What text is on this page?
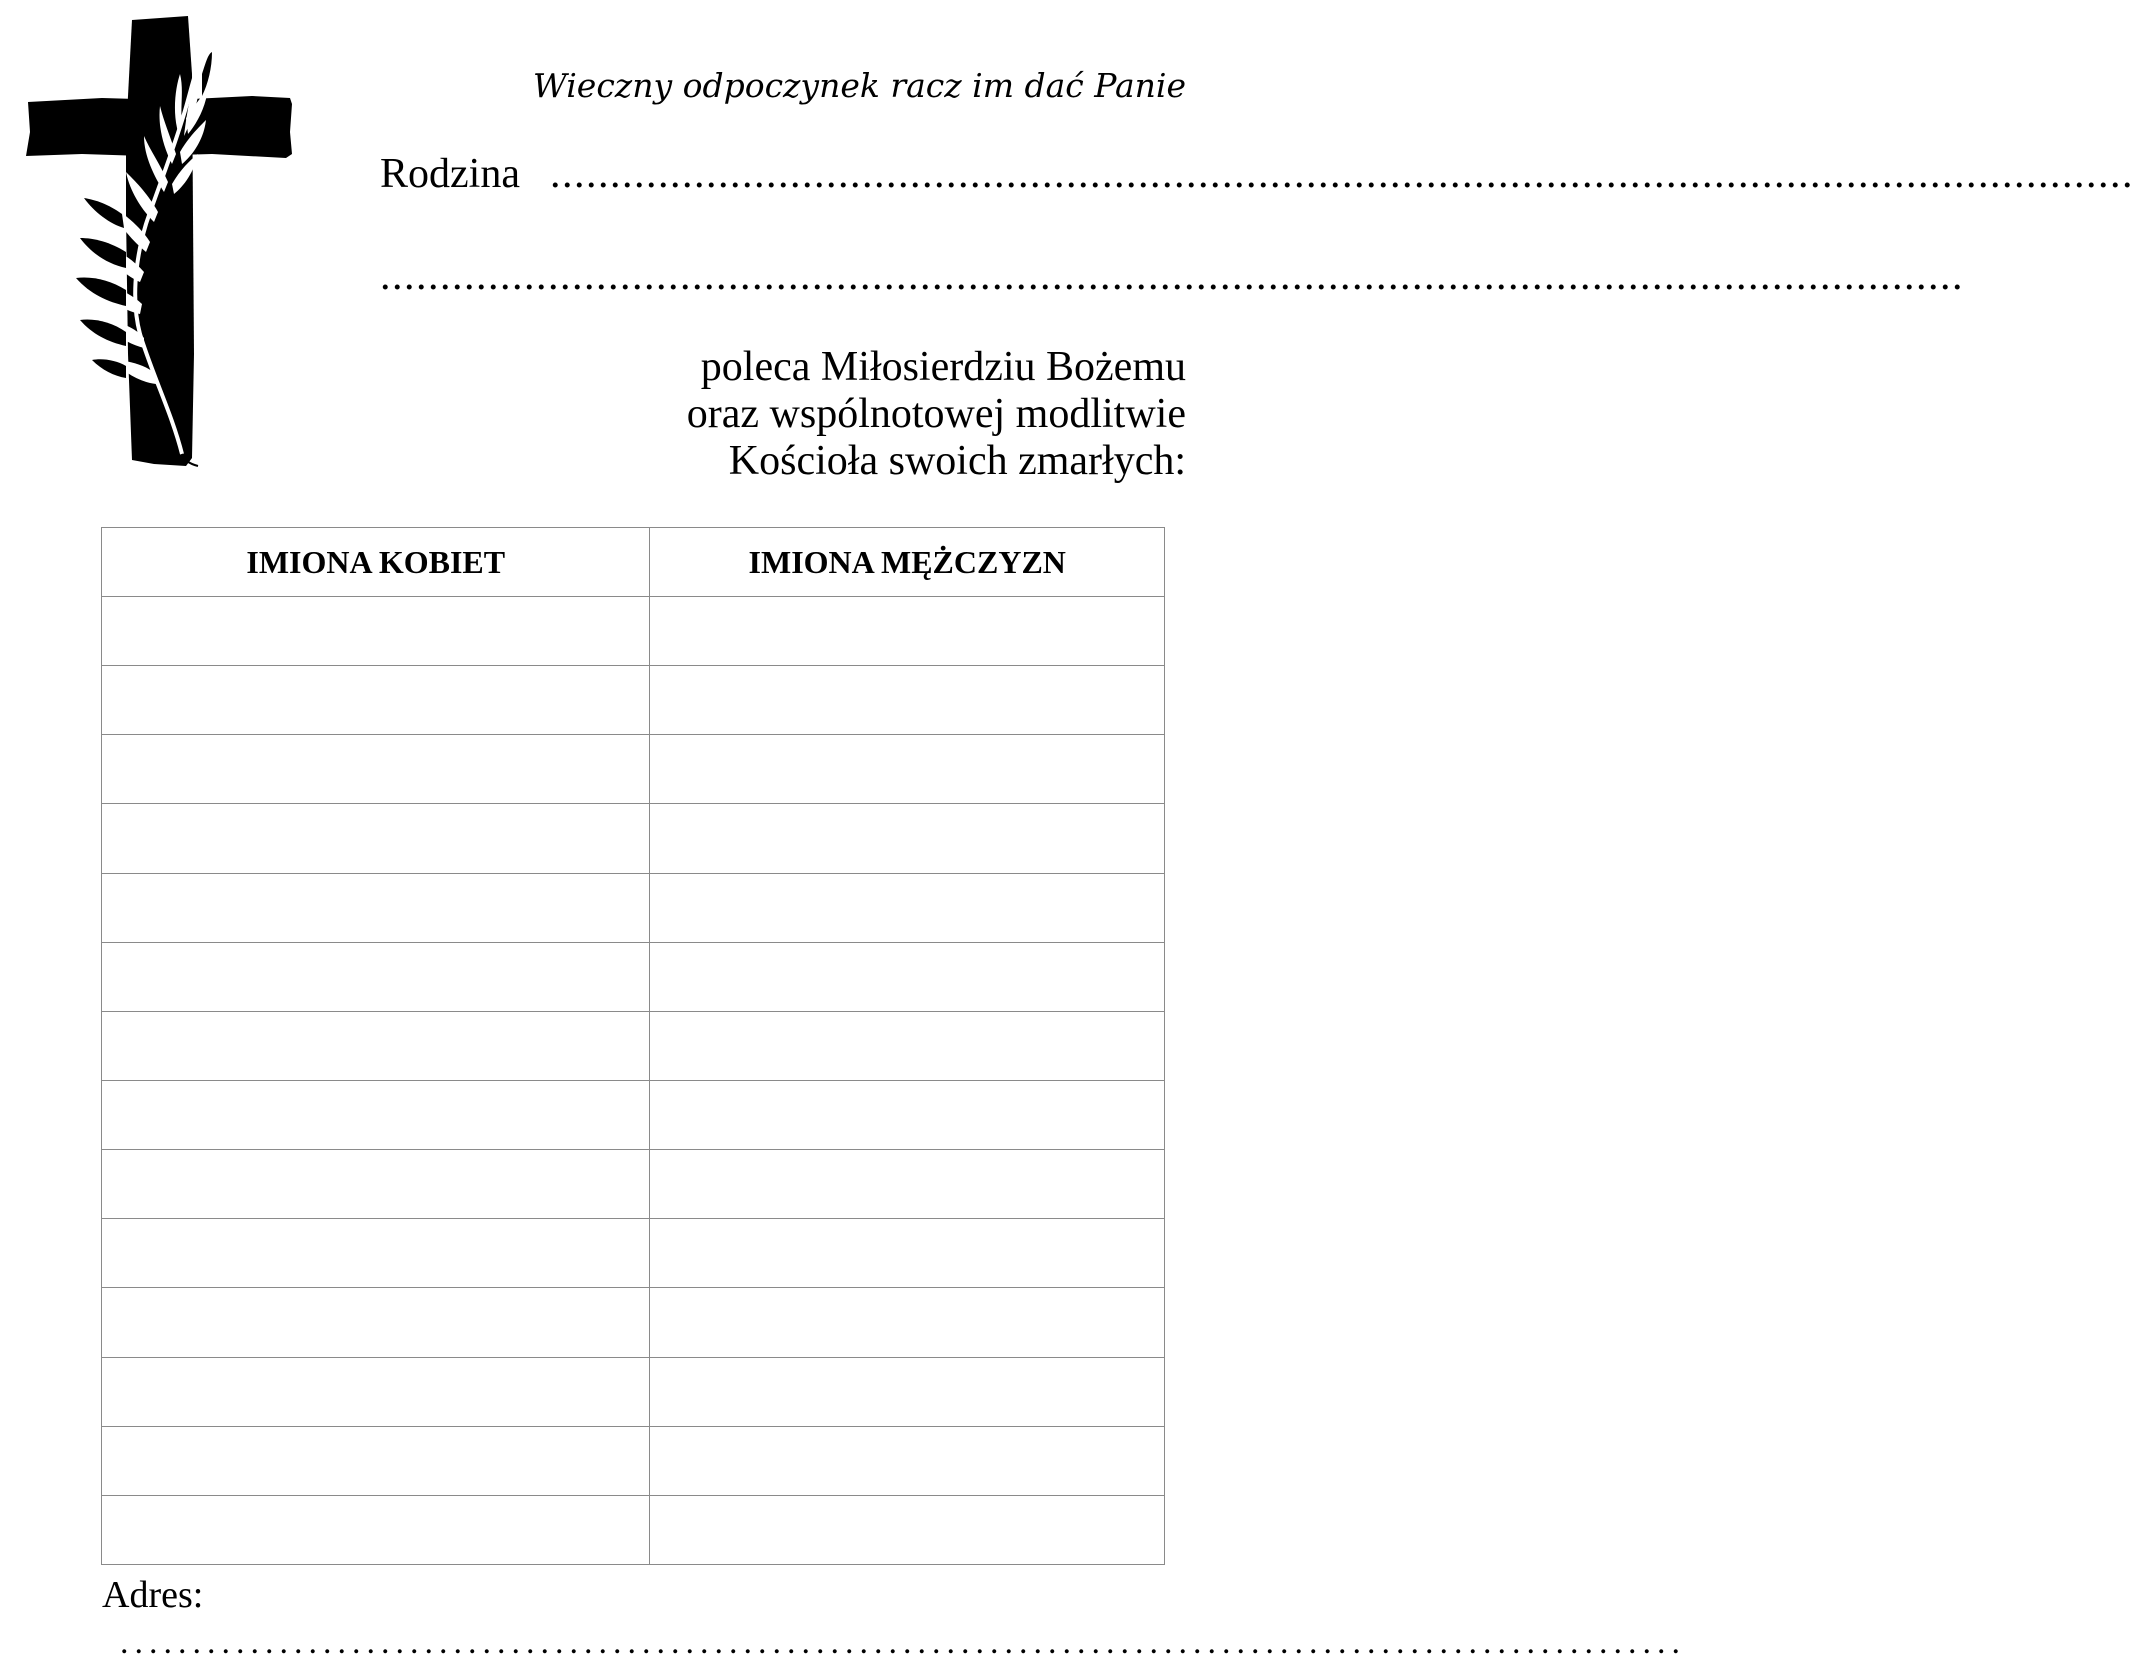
Wieczny odpoczynek racz im dać Panie
Rodzina ....................................................................................................................................
....................................................................................................................................
poleca Miłosierdziu Bożemu
oraz wspólnotowej modlitwie
Kościoła swoich zmarłych:
IMIONA KOBIET	IMIONA MĘŻCZYZN

Adres:
............................................................................................................
